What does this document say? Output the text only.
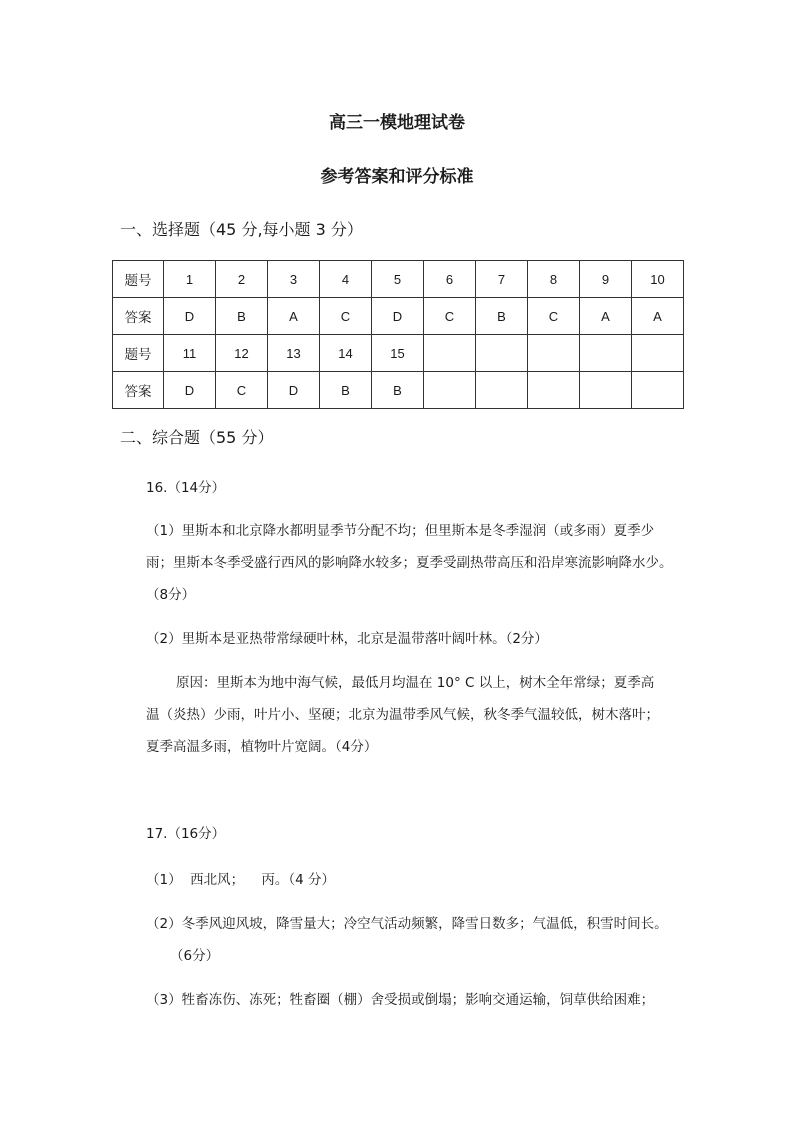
高三一模地理试卷
参考答案和评分标准
一、选择题（45 分,每小题 3 分）
题号	1	2	3	4	5	6	7	8	9	10
答案	D	B	A	C	D	C	B	C	A	A
题号	11	12	13	14	15					
答案	D	C	D	B	B					
二、综合题（55 分）
16.（14分）
（1）里斯本和北京降水都明显季节分配不均；但里斯本是冬季湿润（或多雨）夏季少
雨；里斯本冬季受盛行西风的影响降水较多；夏季受副热带高压和沿岸寒流影响降水少。
（8分）
（2）里斯本是亚热带常绿硬叶林，北京是温带落叶阔叶林。（2分）
原因：里斯本为地中海气候，最低月均温在 10° C 以上，树木全年常绿；夏季高
温（炎热）少雨，叶片小、坚硬；北京为温带季风气候，秋冬季气温较低，树木落叶；
夏季高温多雨，植物叶片宽阔。（4分）
17.（16分）
（1）  西北风；    丙。（4 分）
（2）冬季风迎风坡，降雪量大；冷空气活动频繁，降雪日数多；气温低，积雪时间长。
（6分）
（3）牲畜冻伤、冻死；牲畜圈（棚）舍受损或倒塌；影响交通运输，饲草供给困难；
